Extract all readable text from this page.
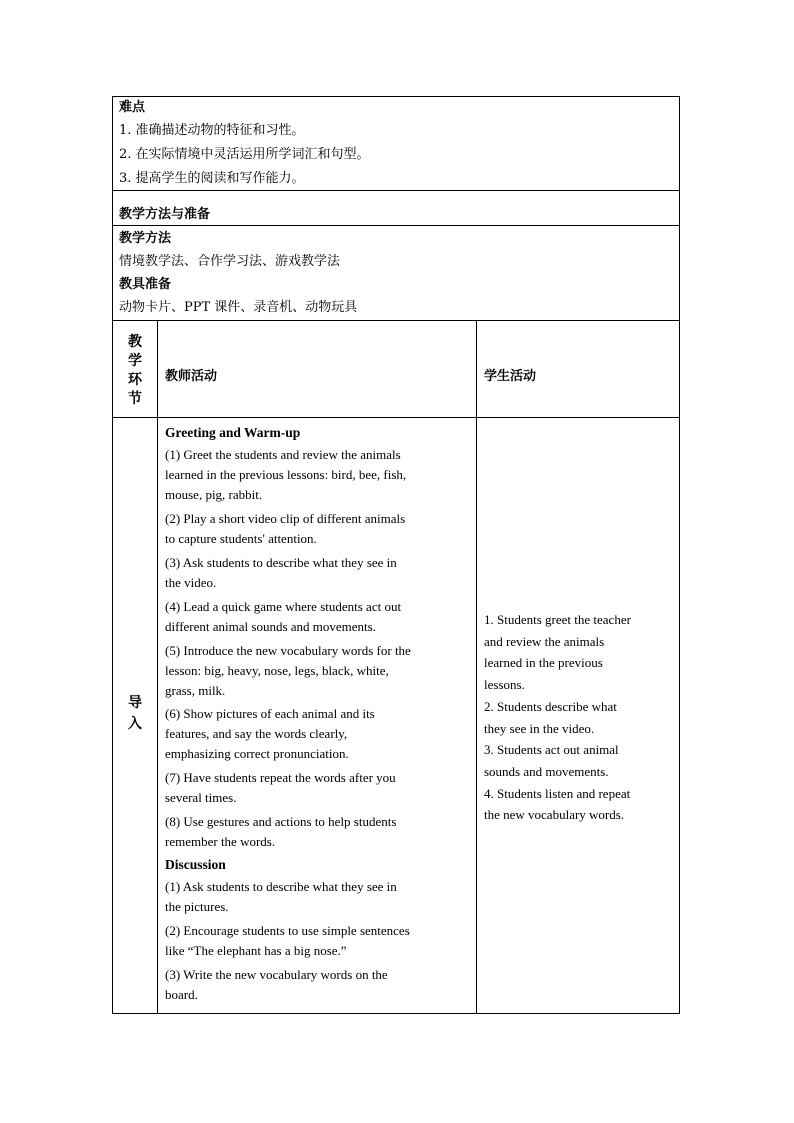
难点
1. 准确描述动物的特征和习性。
2. 在实际情境中灵活运用所学词汇和句型。
3. 提高学生的阅读和写作能力。
教学方法与准备
教学方法
情境教学法、合作学习法、游戏教学法
教具准备
动物卡片、PPT 课件、录音机、动物玩具
教
学
环
节
教师活动	学生活动
导
入
Greeting and Warm-up
(1) Greet the students and review the animals
learned in the previous lessons: bird, bee, fish,
mouse, pig, rabbit.
(2) Play a short video clip of different animals
to capture students' attention.
(3) Ask students to describe what they see in
the video.
(4) Lead a quick game where students act out
different animal sounds and movements.
(5) Introduce the new vocabulary words for the
lesson: big, heavy, nose, legs, black, white,
grass, milk.
(6) Show pictures of each animal and its
features, and say the words clearly,
emphasizing correct pronunciation.
(7) Have students repeat the words after you
several times.
(8) Use gestures and actions to help students
remember the words.
Discussion
(1) Ask students to describe what they see in
the pictures.
(2) Encourage students to use simple sentences
like “The elephant has a big nose.”
(3) Write the new vocabulary words on the
board.
1. Students greet the teacher
and review the animals
learned in the previous
lessons.
2. Students describe what
they see in the video.
3. Students act out animal
sounds and movements.
4. Students listen and repeat
the new vocabulary words.
